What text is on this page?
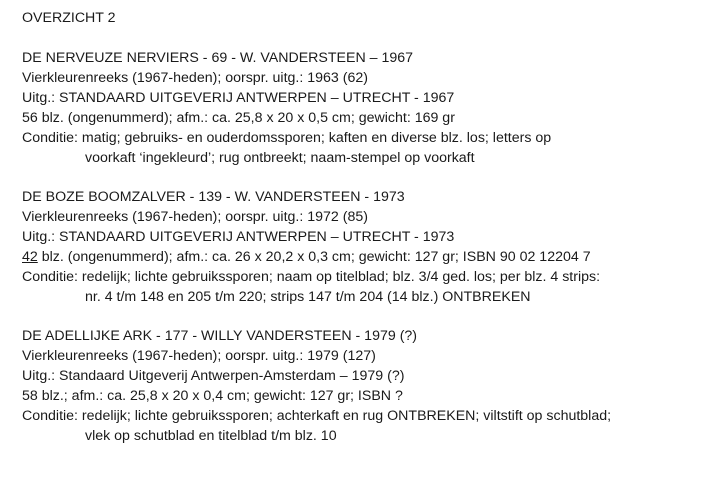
OVERZICHT 2
DE NERVEUZE NERVIERS - 69 - W. VANDERSTEEN – 1967
Vierkleurenreeks (1967-heden); oorspr. uitg.: 1963 (62)
Uitg.: STANDAARD UITGEVERIJ ANTWERPEN – UTRECHT - 1967
56 blz. (ongenummerd); afm.: ca. 25,8 x 20 x 0,5 cm; gewicht: 169 gr
Conditie: matig; gebruiks- en ouderdomssporen; kaften en diverse blz. los; letters op
voorkaft ‘ingekleurd’; rug ontbreekt; naam-stempel op voorkaft
DE BOZE BOOMZALVER - 139 - W. VANDERSTEEN - 1973
Vierkleurenreeks (1967-heden); oorspr. uitg.: 1972 (85)
Uitg.: STANDAARD UITGEVERIJ ANTWERPEN – UTRECHT - 1973
42 blz. (ongenummerd); afm.: ca. 26 x 20,2 x 0,3 cm; gewicht: 127 gr; ISBN 90 02 12204 7
Conditie: redelijk; lichte gebruikssporen; naam op titelblad; blz. 3/4 ged. los; per blz. 4 strips:
nr. 4 t/m 148 en 205 t/m 220; strips 147 t/m 204 (14 blz.) ONTBREKEN
DE ADELLIJKE ARK - 177 - WILLY VANDERSTEEN - 1979 (?)
Vierkleurenreeks (1967-heden); oorspr. uitg.: 1979 (127)
Uitg.: Standaard Uitgeverij Antwerpen-Amsterdam – 1979 (?)
58 blz.; afm.: ca. 25,8 x 20 x 0,4 cm; gewicht: 127 gr; ISBN ?
Conditie: redelijk; lichte gebruikssporen; achterkaft en rug ONTBREKEN; viltstift op schutblad;
vlek op schutblad en titelblad t/m blz. 10
